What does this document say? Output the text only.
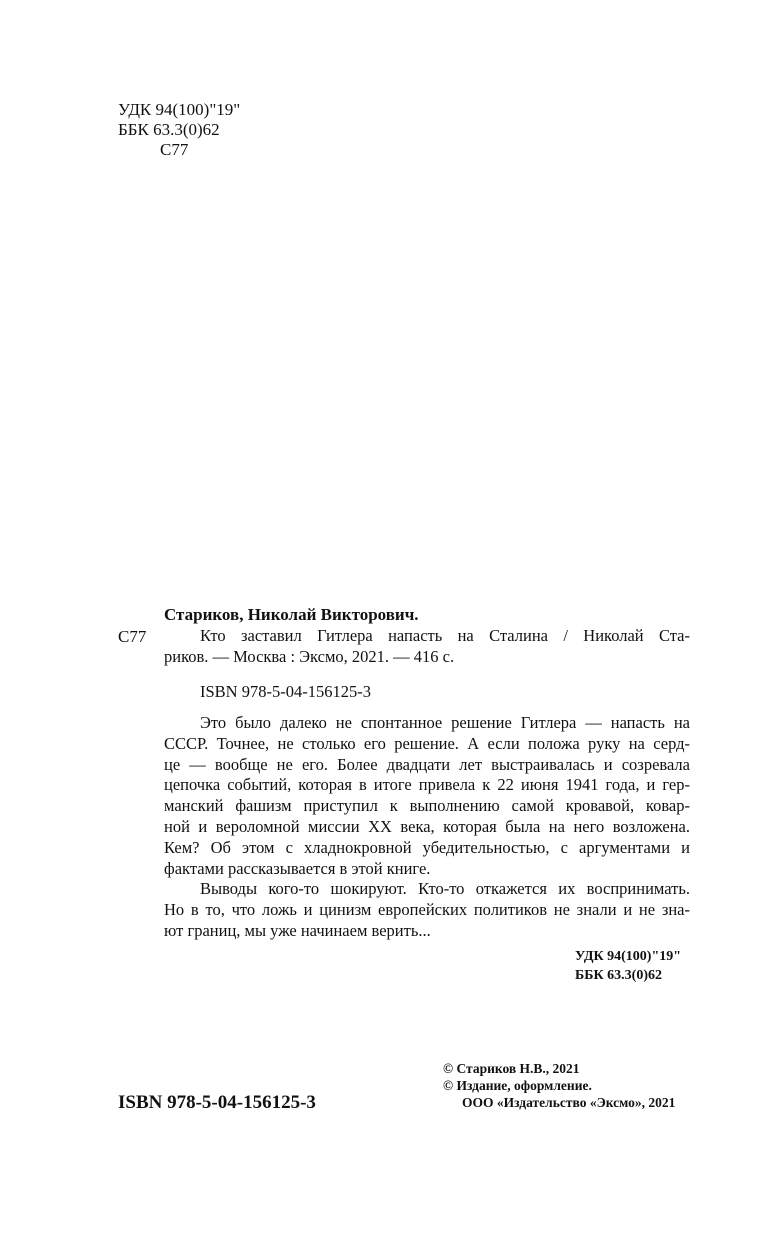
УДК 94(100)"19"
ББК 63.3(0)62
С77
Стариков, Николай Викторович.
С77	Кто заставил Гитлера напасть на Сталина / Николай Ста-
риков. — Москва : Эксмо, 2021. — 416 с.
ISBN 978-5-04-156125-3
Это было далеко не спонтанное решение Гитлера — напасть на
СССР. Точнее, не столько его решение. А если положа руку на серд-
це — вообще не его. Более двадцати лет выстраивалась и созревала
цепочка событий, которая в итоге привела к 22 июня 1941 года, и гер-
манский фашизм приступил к выполнению самой кровавой, ковар-
ной и вероломной миссии XX века, которая была на него возложена.
Кем? Об этом с хладнокровной убедительностью, с аргументами и
фактами рассказывается в этой книге.
Выводы кого-то шокируют. Кто-то откажется их воспринимать.
Но в то, что ложь и цинизм европейских политиков не знали и не зна-
ют границ, мы уже начинаем верить...
УДК 94(100)"19"
ББК 63.3(0)62
ISBN 978-5-04-156125-3
© Стариков Н.В., 2021
© Издание, оформление.
ООО «Издательство «Эксмо», 2021
